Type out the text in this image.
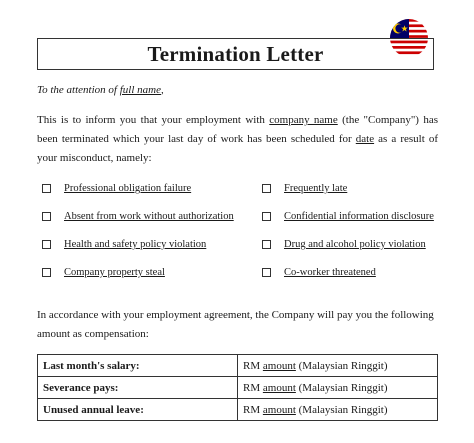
Termination Letter
To the attention of full name,
This is to inform you that your employment with company name (the "Company") has been terminated which your last day of work has been scheduled for date as a result of your misconduct, namely:
Professional obligation failure	Frequently late
Absent from work without authorization	Confidential information disclosure
Health and safety policy violation	Drug and alcohol policy violation
Company property steal	Co-worker threatened
In accordance with your employment agreement, the Company will pay you the following amount as compensation:
Last month's salary:	RM amount (Malaysian Ringgit)
Severance pays:	RM amount (Malaysian Ringgit)
Unused annual leave:	RM amount (Malaysian Ringgit)
